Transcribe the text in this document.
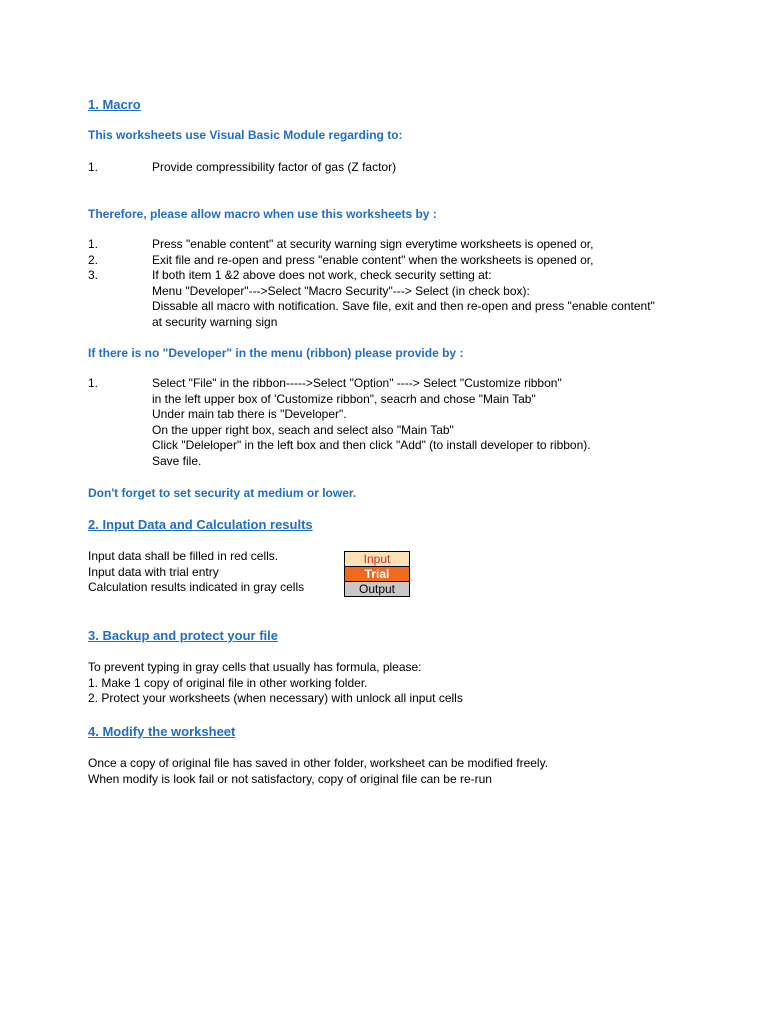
1. Macro
This worksheets use Visual Basic Module regarding to:
1.	Provide compressibility factor of gas (Z factor)
Therefore, please allow macro when use this worksheets by :
1.	Press "enable content" at security warning sign everytime worksheets is opened or,
2.	Exit file and re-open and press "enable content" when the worksheets is opened or,
3.	If both item 1 &2 above does not work, check security setting at:
Menu "Developer"--->Select "Macro Security"---> Select (in check box):
Dissable all macro with notification. Save file, exit and then re-open and press "enable content"
at security warning sign
If there is no "Developer" in the menu (ribbon) please provide by :
1.	Select "File" in the ribbon----->Select "Option" ----> Select "Customize ribbon"
in the left upper box of 'Customize ribbon", seacrh and chose "Main Tab"
Under main tab there is "Developer".
On the upper right box, seach and select also "Main Tab"
Click "Deleloper" in the left box and then click "Add" (to install developer to ribbon).
Save file.
Don't forget to set security at medium or lower.
2. Input Data and Calculation results
Input data shall be filled in red cells.
Input data with trial entry
Calculation results indicated in gray cells
Input
Trial
Output
3. Backup and protect your file
To prevent typing in gray cells that usually has formula, please:
1. Make 1 copy of original file in other working folder.
2. Protect your worksheets (when necessary) with unlock all input cells
4. Modify the worksheet
Once a copy of original file has saved in other folder, worksheet can be modified freely.
When modify is look fail or not satisfactory, copy of original file can be re-run
